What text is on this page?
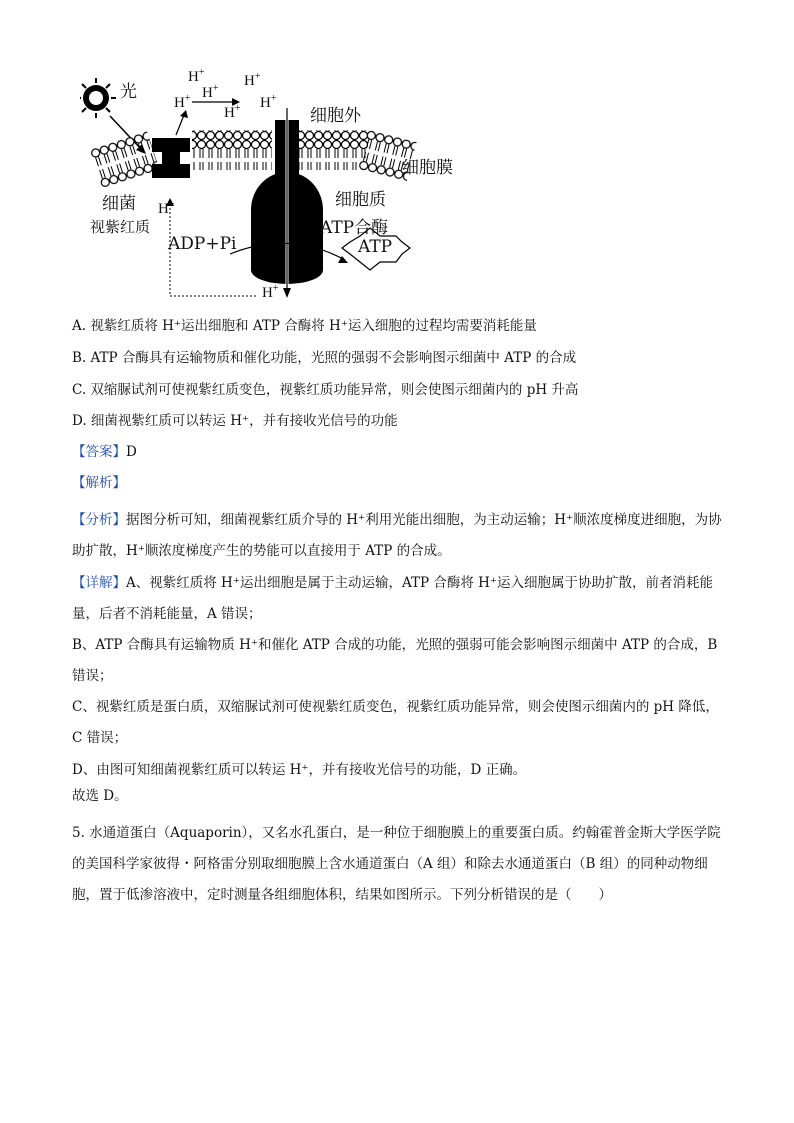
光
细胞外
细胞膜
细胞质
细菌
视紫红质	ATP合酶
ADP+Pi	ATP
H+
H+
H+
H+	H+
H+
H+
H+
A. 视紫红质将 H⁺运出细胞和 ATP 合酶将 H⁺运入细胞的过程均需要消耗能量
B. ATP 合酶具有运输物质和催化功能，光照的强弱不会影响图示细菌中 ATP 的合成
C. 双缩脲试剂可使视紫红质变色，视紫红质功能异常，则会使图示细菌内的 pH 升高
D. 细菌视紫红质可以转运 H⁺，并有接收光信号的功能
【答案】D
【解析】
【分析】据图分析可知，细菌视紫红质介导的 H⁺利用光能出细胞，为主动运输；H⁺顺浓度梯度进细胞，为协助扩散，H⁺顺浓度梯度产生的势能可以直接用于 ATP 的合成。
【详解】A、视紫红质将 H⁺运出细胞是属于主动运输，ATP 合酶将 H⁺运入细胞属于协助扩散，前者消耗能量，后者不消耗能量，A 错误；
B、ATP 合酶具有运输物质 H⁺和催化 ATP 合成的功能，光照的强弱可能会影响图示细菌中 ATP 的合成，B 错误；
C、视紫红质是蛋白质，双缩脲试剂可使视紫红质变色，视紫红质功能异常，则会使图示细菌内的 pH 降低，C 错误；
D、由图可知细菌视紫红质可以转运 H⁺，并有接收光信号的功能，D 正确。
故选 D。
5. 水通道蛋白（Aquaporin），又名水孔蛋白，是一种位于细胞膜上的重要蛋白质。约翰霍普金斯大学医学院的美国科学家彼得・阿格雷分别取细胞膜上含水通道蛋白（A 组）和除去水通道蛋白（B 组）的同种动物细胞，置于低渗溶液中，定时测量各组细胞体积，结果如图所示。下列分析错误的是（　　）
